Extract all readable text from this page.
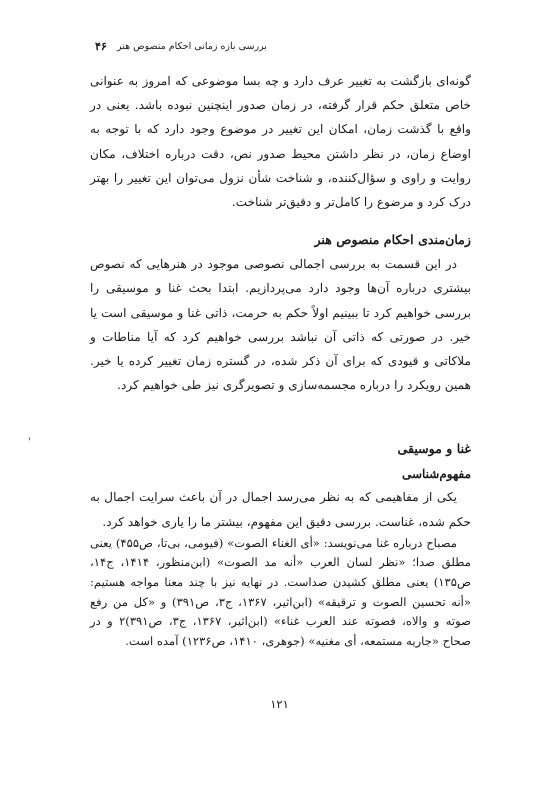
۴۶ بررسی بازه زمانی احکام منصوص هنر
'

گونه‌ای بازگشت به تغییر عرف دارد و چه بسا موضوعی که امروز به عنوانی خاص متعلق حکم قرار گرفته، در زمان صدور اینچنین نبوده باشد. یعنی در واقع با گذشت زمان، امکان این تغییر در موضوع وجود دارد که با توجه به اوضاع زمان، در نظر داشتن محیط صدور نص، دقت درباره اختلاف، مکان روایت و راوی و سؤال‌کننده، و شناخت شأن نزول می‌توان این تغییر را بهتر درک کرد و مرضوع را کامل‌تر و دقیق‌تر شناخت.

زمان‌مندی احکام منصوص هنر

در این قسمت به بررسی اجمالی نصوصی موجود در هنرهایی که نصوص بیشتری درباره آن‌ها وجود دارد می‌پردازیم. ابتدا بحث غنا و موسیقی را بررسی خواهیم کرد تا ببینیم اولاً حکم به حرمت، ذاتی غنا و موسیقی است یا خیر. در صورتی که ذاتی آن نباشد بررسی خواهیم کرد که آیا مناطات و ملاکاتی و قیودی که برای آن ذکر شده، در گستره زمان تغییر کرده یا خیر. همین رویکرد را درباره مجسمه‌سازی و تصویرگری نیز طی خواهیم کرد.

غنا و موسیقی
مفهوم‌شناسی

یکی از مفاهیمی که به نظر می‌رسد اجمال در آن باعث سرایت اجمال به حکم شده، غناست. بررسی دقیق این مفهوم، بیشتر ما را یاری خواهد کرد.

مصباح درباره غنا می‌نویسد: «أی الغناء الصوت» (فیومی، بی‌تا، ص۴۵۵) یعنی مطلق صدا؛ «نظر لسان العرب «أنه مد الصوت» (ابن‌منظور، ۱۴۱۴، ج۱۴، ص۱۳۵) یعنی مطلق کشیدن صداست. در نهایه نیز با چند معنا مواجه هستیم: «أنه تحسین الصوت و ترقیقه» (ابن‌اثیر، ۱۳۶۷، ج۳، ص۳۹۱) و «کل من رفع صوته و والاه، فصوته عند العرب غناء» (ابن‌اثیر، ۱۳۶۷، ج۳، ص۳۹۱)۲ و در صحاح «جاریه مستمعه، أی مغنیه» (جوهری، ۱۴۱۰، ص۱۲۳۶) آمده است.

۱۲۱
